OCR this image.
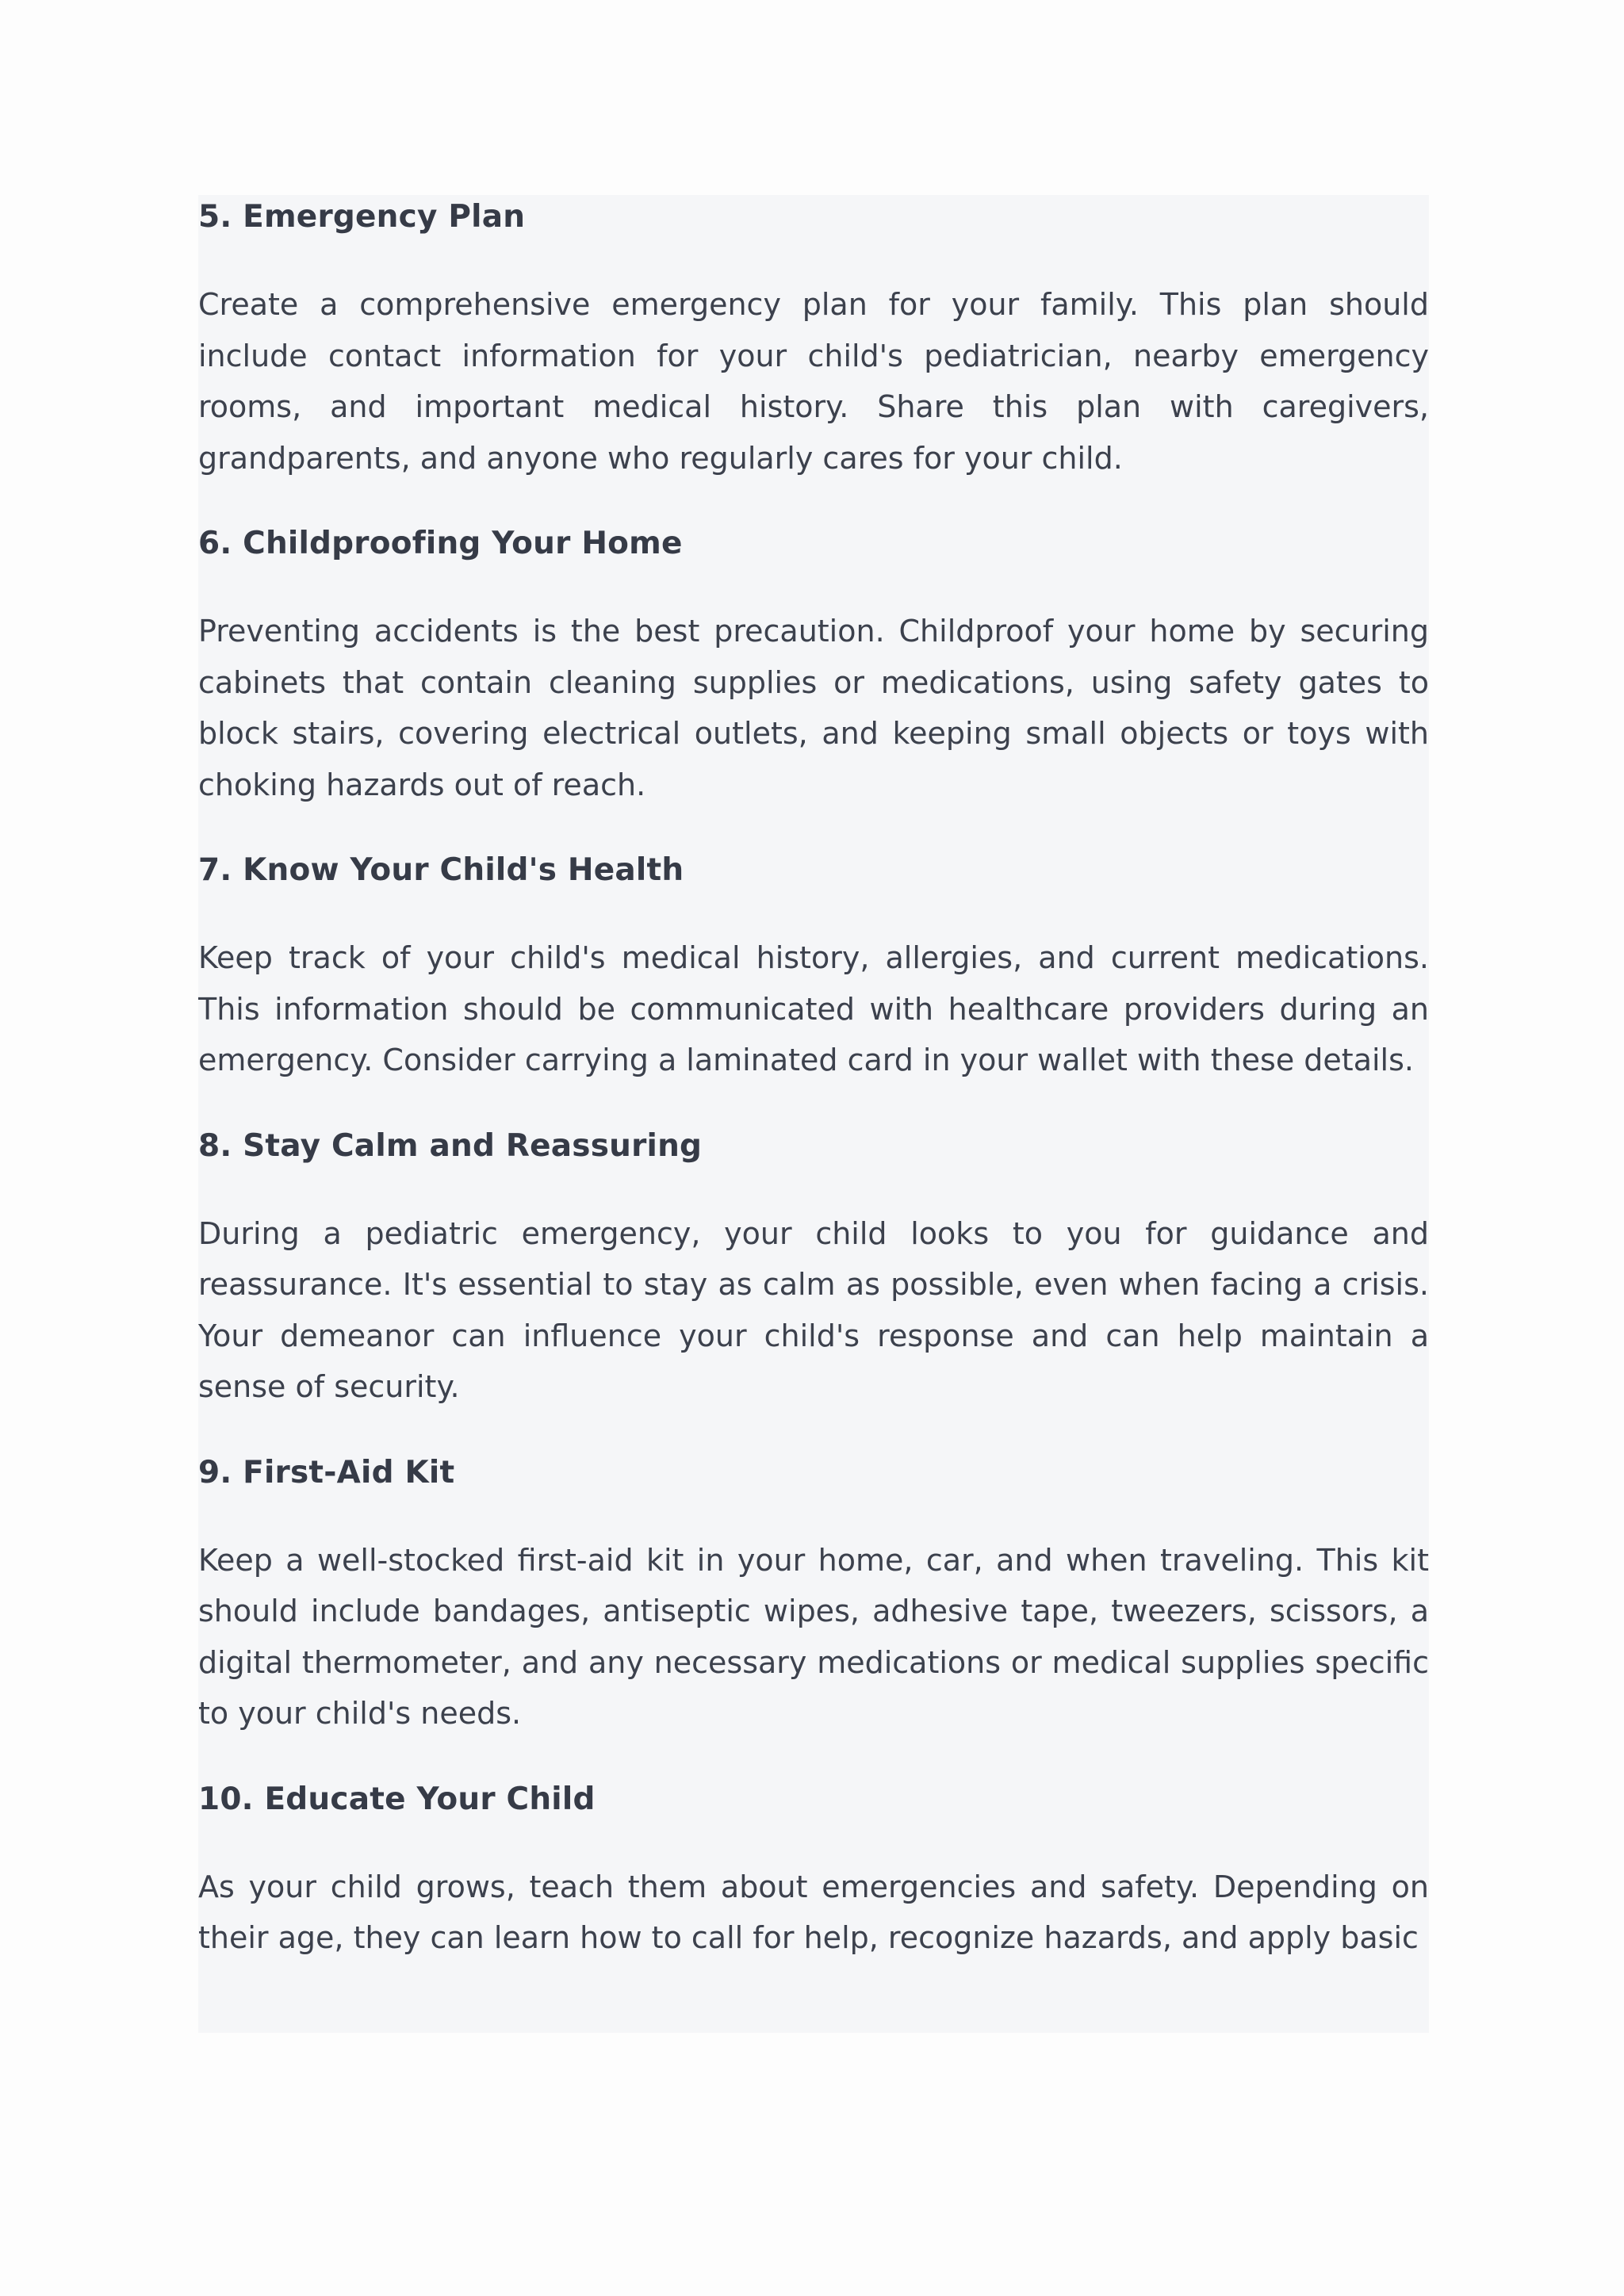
5. Emergency Plan

Create a comprehensive emergency plan for your family. This plan should include contact information for your child's pediatrician, nearby emergency rooms, and important medical history. Share this plan with caregivers, grandparents, and anyone who regularly cares for your child.

6. Childproofing Your Home

Preventing accidents is the best precaution. Childproof your home by securing cabinets that contain cleaning supplies or medications, using safety gates to block stairs, covering electrical outlets, and keeping small objects or toys with choking hazards out of reach.

7. Know Your Child's Health

Keep track of your child's medical history, allergies, and current medications. This information should be communicated with healthcare providers during an emergency. Consider carrying a laminated card in your wallet with these details.

8. Stay Calm and Reassuring

During a pediatric emergency, your child looks to you for guidance and reassurance. It's essential to stay as calm as possible, even when facing a crisis. Your demeanor can influence your child's response and can help maintain a sense of security.

9. First-Aid Kit

Keep a well-stocked first-aid kit in your home, car, and when traveling. This kit should include bandages, antiseptic wipes, adhesive tape, tweezers, scissors, a digital thermometer, and any necessary medications or medical supplies specific to your child's needs.

10. Educate Your Child

As your child grows, teach them about emergencies and safety. Depending on their age, they can learn how to call for help, recognize hazards, and apply basic
